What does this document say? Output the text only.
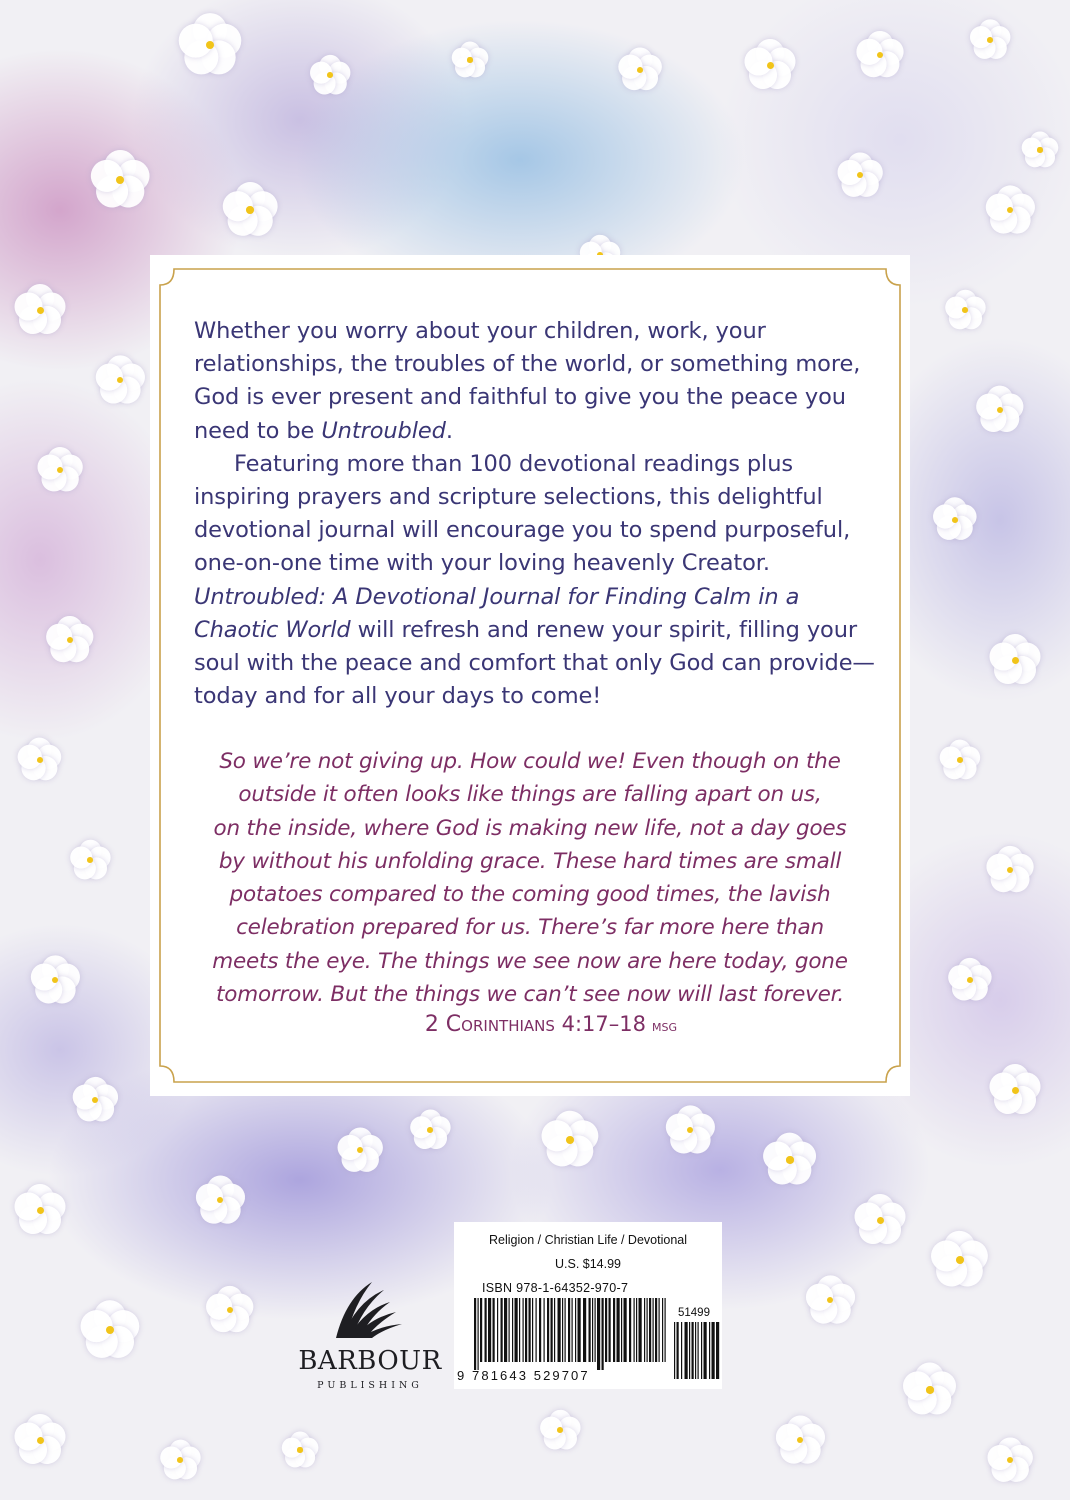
Whether you worry about your children, work, your relationships, the troubles of the world, or something more, God is ever present and faithful to give you the peace you need to be Untroubled.

Featuring more than 100 devotional readings plus inspiring prayers and scripture selections, this delightful devotional journal will encourage you to spend purposeful, one-on-one time with your loving heavenly Creator. Untroubled: A Devotional Journal for Finding Calm in a Chaotic World will refresh and renew your spirit, filling your soul with the peace and comfort that only God can provide—today and for all your days to come!

So we’re not giving up. How could we! Even though on the
outside it often looks like things are falling apart on us,
on the inside, where God is making new life, not a day goes
by without his unfolding grace. These hard times are small
potatoes compared to the coming good times, the lavish
celebration prepared for us. There’s far more here than
meets the eye. The things we see now are here today, gone
tomorrow. But the things we can’t see now will last forever.
2 Corinthians 4:17–18 msg
BARBOUR
PUBLISHING
Religion / Christian Life / Devotional
U.S. $14.99
ISBN 978-1-64352-970-7
51499
9 781643 529707
